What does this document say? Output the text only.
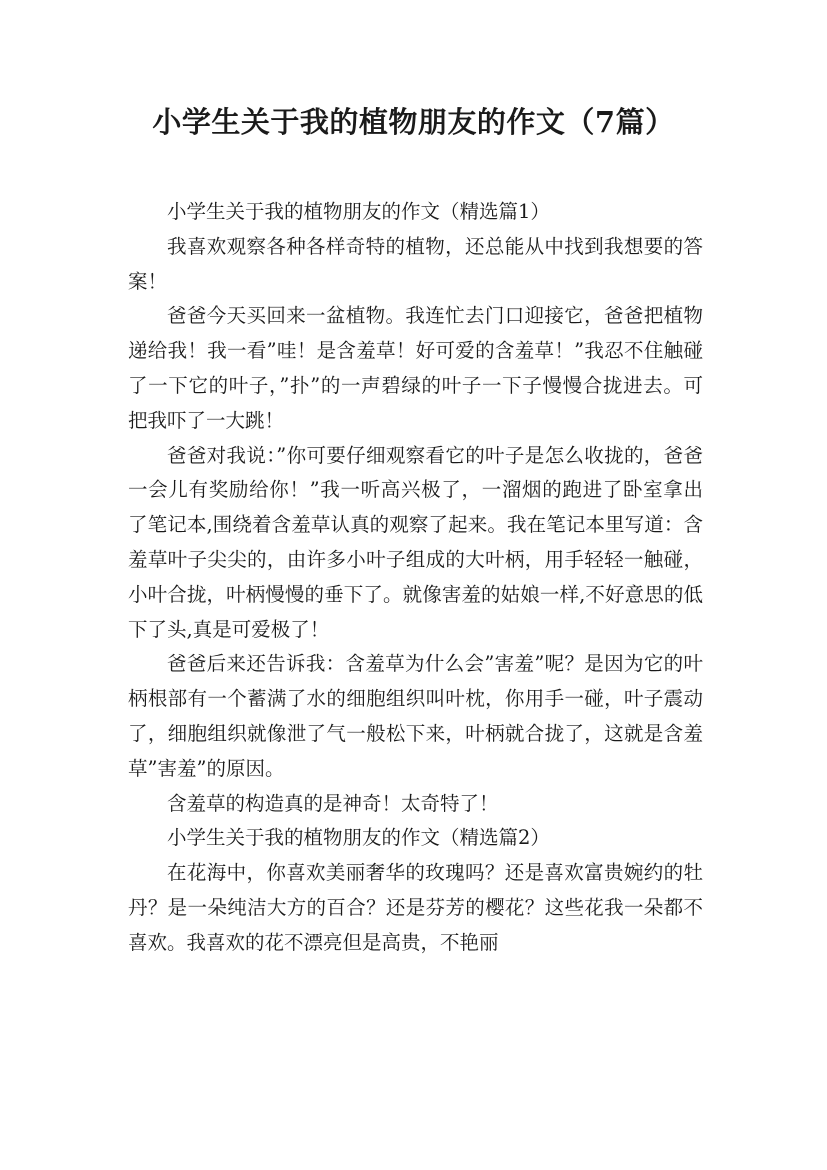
小学生关于我的植物朋友的作文（7篇）

小学生关于我的植物朋友的作文（精选篇1）

我喜欢观察各种各样奇特的植物，还总能从中找到我想要的答案！

爸爸今天买回来一盆植物。我连忙去门口迎接它，爸爸把植物递给我！我一看”哇！是含羞草！好可爱的含羞草！”我忍不住触碰了一下它的叶子，”扑”的一声碧绿的叶子一下子慢慢合拢进去。可把我吓了一大跳！

爸爸对我说：”你可要仔细观察看它的叶子是怎么收拢的，爸爸一会儿有奖励给你！”我一听高兴极了，一溜烟的跑进了卧室拿出了笔记本,围绕着含羞草认真的观察了起来。我在笔记本里写道：含羞草叶子尖尖的，由许多小叶子组成的大叶柄，用手轻轻一触碰，小叶合拢，叶柄慢慢的垂下了。就像害羞的姑娘一样,不好意思的低下了头,真是可爱极了！

爸爸后来还告诉我：含羞草为什么会”害羞”呢？是因为它的叶柄根部有一个蓄满了水的细胞组织叫叶枕，你用手一碰，叶子震动了，细胞组织就像泄了气一般松下来，叶柄就合拢了，这就是含羞草”害羞”的原因。

含羞草的构造真的是神奇！太奇特了！

小学生关于我的植物朋友的作文（精选篇2）

在花海中，你喜欢美丽奢华的玫瑰吗？还是喜欢富贵婉约的牡丹？是一朵纯洁大方的百合？还是芬芳的樱花？这些花我一朵都不喜欢。我喜欢的花不漂亮但是高贵，不艳丽
